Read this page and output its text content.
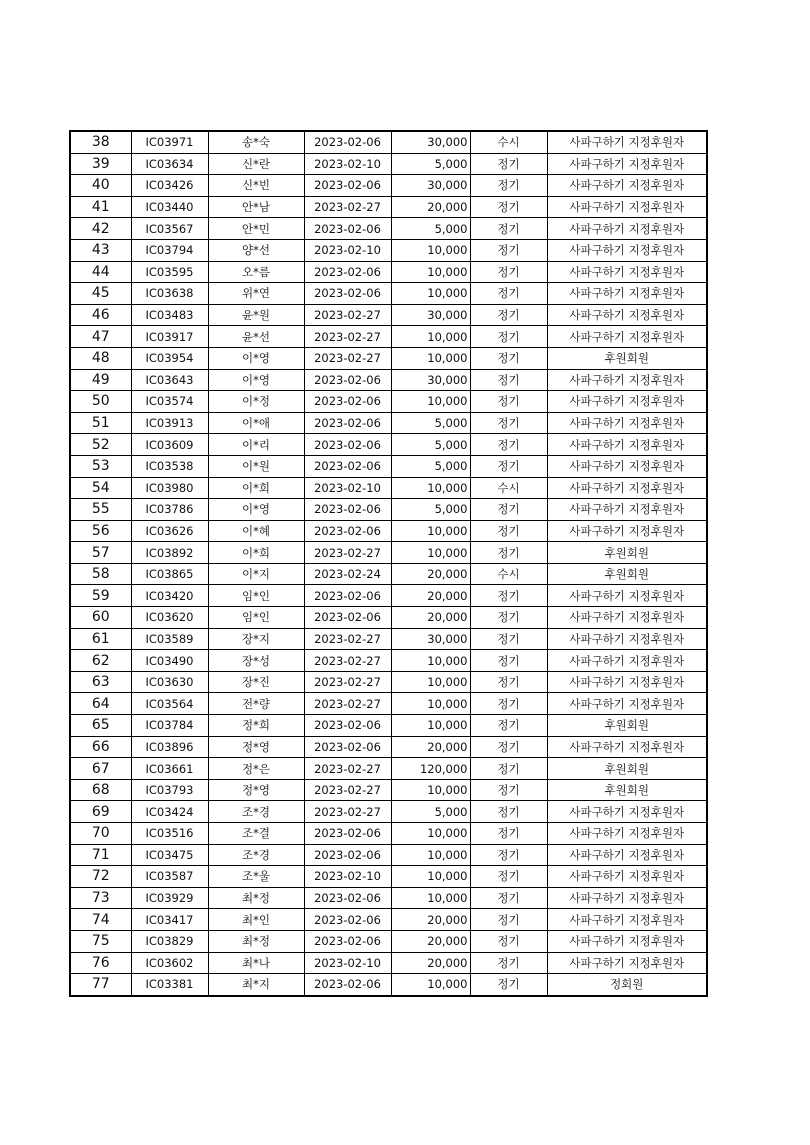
38	IC03971	송*숙	2023-02-06	30,000	수시	사파구하기 지정후원자
39	IC03634	신*란	2023-02-10	5,000	정기	사파구하기 지정후원자
40	IC03426	신*빈	2023-02-06	30,000	정기	사파구하기 지정후원자
41	IC03440	안*남	2023-02-27	20,000	정기	사파구하기 지정후원자
42	IC03567	안*민	2023-02-06	5,000	정기	사파구하기 지정후원자
43	IC03794	양*선	2023-02-10	10,000	정기	사파구하기 지정후원자
44	IC03595	오*름	2023-02-06	10,000	정기	사파구하기 지정후원자
45	IC03638	위*연	2023-02-06	10,000	정기	사파구하기 지정후원자
46	IC03483	윤*원	2023-02-27	30,000	정기	사파구하기 지정후원자
47	IC03917	윤*선	2023-02-27	10,000	정기	사파구하기 지정후원자
48	IC03954	이*영	2023-02-27	10,000	정기	후원회원
49	IC03643	이*영	2023-02-06	30,000	정기	사파구하기 지정후원자
50	IC03574	이*정	2023-02-06	10,000	정기	사파구하기 지정후원자
51	IC03913	이*애	2023-02-06	5,000	정기	사파구하기 지정후원자
52	IC03609	이*리	2023-02-06	5,000	정기	사파구하기 지정후원자
53	IC03538	이*원	2023-02-06	5,000	정기	사파구하기 지정후원자
54	IC03980	이*희	2023-02-10	10,000	수시	사파구하기 지정후원자
55	IC03786	이*영	2023-02-06	5,000	정기	사파구하기 지정후원자
56	IC03626	이*혜	2023-02-06	10,000	정기	사파구하기 지정후원자
57	IC03892	이*희	2023-02-27	10,000	정기	후원회원
58	IC03865	이*지	2023-02-24	20,000	수시	후원회원
59	IC03420	임*인	2023-02-06	20,000	정기	사파구하기 지정후원자
60	IC03620	임*인	2023-02-06	20,000	정기	사파구하기 지정후원자
61	IC03589	장*지	2023-02-27	30,000	정기	사파구하기 지정후원자
62	IC03490	장*성	2023-02-27	10,000	정기	사파구하기 지정후원자
63	IC03630	장*진	2023-02-27	10,000	정기	사파구하기 지정후원자
64	IC03564	전*량	2023-02-27	10,000	정기	사파구하기 지정후원자
65	IC03784	정*희	2023-02-06	10,000	정기	후원회원
66	IC03896	정*영	2023-02-06	20,000	정기	사파구하기 지정후원자
67	IC03661	정*은	2023-02-27	120,000	정기	후원회원
68	IC03793	정*영	2023-02-27	10,000	정기	후원회원
69	IC03424	조*경	2023-02-27	5,000	정기	사파구하기 지정후원자
70	IC03516	조*결	2023-02-06	10,000	정기	사파구하기 지정후원자
71	IC03475	조*경	2023-02-06	10,000	정기	사파구하기 지정후원자
72	IC03587	조*울	2023-02-10	10,000	정기	사파구하기 지정후원자
73	IC03929	최*정	2023-02-06	10,000	정기	사파구하기 지정후원자
74	IC03417	최*인	2023-02-06	20,000	정기	사파구하기 지정후원자
75	IC03829	최*정	2023-02-06	20,000	정기	사파구하기 지정후원자
76	IC03602	최*나	2023-02-10	20,000	정기	사파구하기 지정후원자
77	IC03381	최*지	2023-02-06	10,000	정기	정회원
